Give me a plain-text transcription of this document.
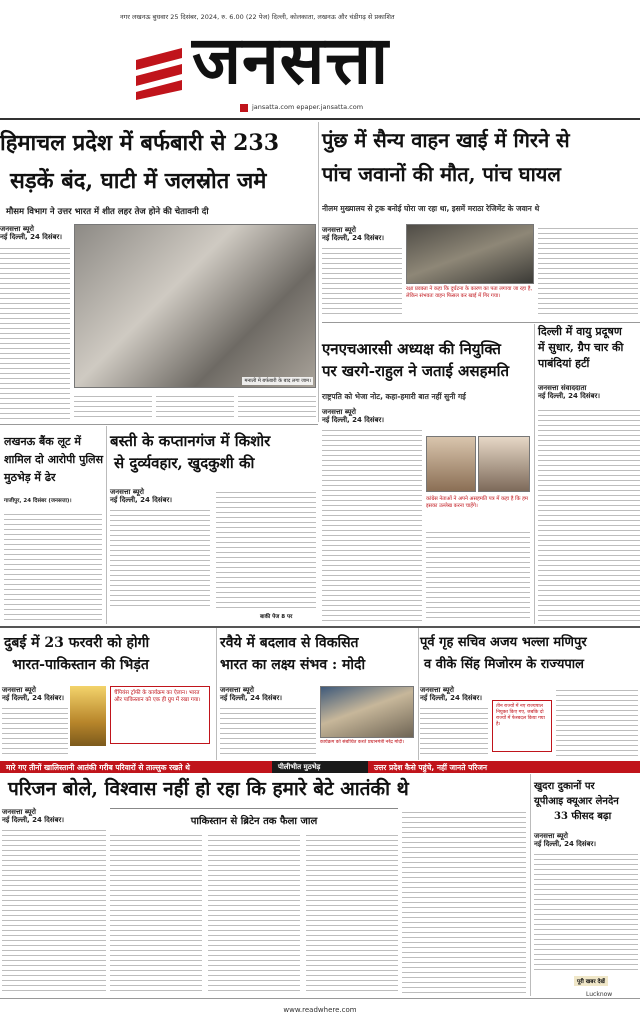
नगर लखनऊ बुधवार 25 दिसंबर, 2024, रु. 6.00 (22 पेज) दिल्ली, कोलकाता, लखनऊ और चंडीगढ़ से प्रकाशित
जनसत्ता
jansatta.com epaper.jansatta.com
हिमाचल प्रदेश में बर्फबारी से 233
सड़कें बंद, घाटी में जलस्रोत जमे
मौसम विभाग ने उत्तर भारत में शीत लहर तेज होने की चेतावनी दी
जनसत्ता ब्यूरो
नई दिल्ली, 24 दिसंबर।
मनाली में बर्फबारी के बाद लगा जाम।
पुंछ में सैन्य वाहन खाई में गिरने से
पांच जवानों की मौत, पांच घायल
नीलम मुख्यालय से ट्रक बनोई घोरा जा रहा था, इसमें मराठा रेजिमेंट के जवान थे
जनसत्ता ब्यूरो
नई दिल्ली, 24 दिसंबर।
रक्षा प्रवक्ता ने कहा कि दुर्घटना के कारण का पता लगाया जा रहा है, लेकिन संभवतः वाहन फिसल कर खाई में गिर गया।
एनएचआरसी अध्यक्ष की नियुक्ति
पर खरगे-राहुल ने जताई असहमति
राष्ट्रपति को भेजा नोट, कहा-हमारी बात नहीं सुनी गई
जनसत्ता ब्यूरो
नई दिल्ली, 24 दिसंबर।
कांग्रेस नेताओं ने अपने असहमति पत्र में कहा है कि हम इसका उल्लेख करना चाहेंगे।
दिल्ली में वायु प्रदूषण
में सुधार, ग्रैप चार की
पाबंदियां हटीं
जनसत्ता संवाददाता
नई दिल्ली, 24 दिसंबर।
लखनऊ बैंक लूट में
शामिल दो आरोपी पुलिस
मुठभेड़ में ढेर
गाजीपुर, 24 दिसंबर (जनसत्ता)।
बस्ती के कप्तानगंज में किशोर
से दुर्व्यवहार, खुदकुशी की
जनसत्ता ब्यूरो
नई दिल्ली, 24 दिसंबर।
बाकी पेज 8 पर
दुबई में 23 फरवरी को होगी
भारत-पाकिस्तान की भिड़ंत
जनसत्ता ब्यूरो
नई दिल्ली, 24 दिसंबर।
चैंपियंस ट्रॉफी के कार्यक्रम का ऐलान। भारत और पाकिस्तान को एक ही ग्रुप में रखा गया।
रवैये में बदलाव से विकसित
भारत का लक्ष्य संभव : मोदी
जनसत्ता ब्यूरो
नई दिल्ली, 24 दिसंबर।
कार्यक्रम को संबोधित करते प्रधानमंत्री नरेंद्र मोदी।
पूर्व गृह सचिव अजय भल्ला मणिपुर
व वीके सिंह मिजोरम के राज्यपाल
जनसत्ता ब्यूरो
नई दिल्ली, 24 दिसंबर।
तीन राज्यों में नए राज्यपाल नियुक्त किए गए, जबकि दो राज्यों में फेरबदल किया गया है।
मारे गए तीनों खालिस्तानी आतंकी गरीब परिवारों से ताल्लुक रखते थे	पीलीभीत मुठभेड़	उत्तर प्रदेश कैसे पहुंचे, नहीं जानते परिजन
परिजन बोले, विश्वास नहीं हो रहा कि हमारे बेटे आतंकी थे
जनसत्ता ब्यूरो
नई दिल्ली, 24 दिसंबर।	पाकिस्तान से ब्रिटेन तक फैला जाल
खुदरा दुकानों पर
यूपीआइ क्यूआर लेनदेन
33 फीसद बढ़ा
जनसत्ता ब्यूरो
नई दिल्ली, 24 दिसंबर।
पूरी खबर देखें
www.readwhere.com
Lucknow
